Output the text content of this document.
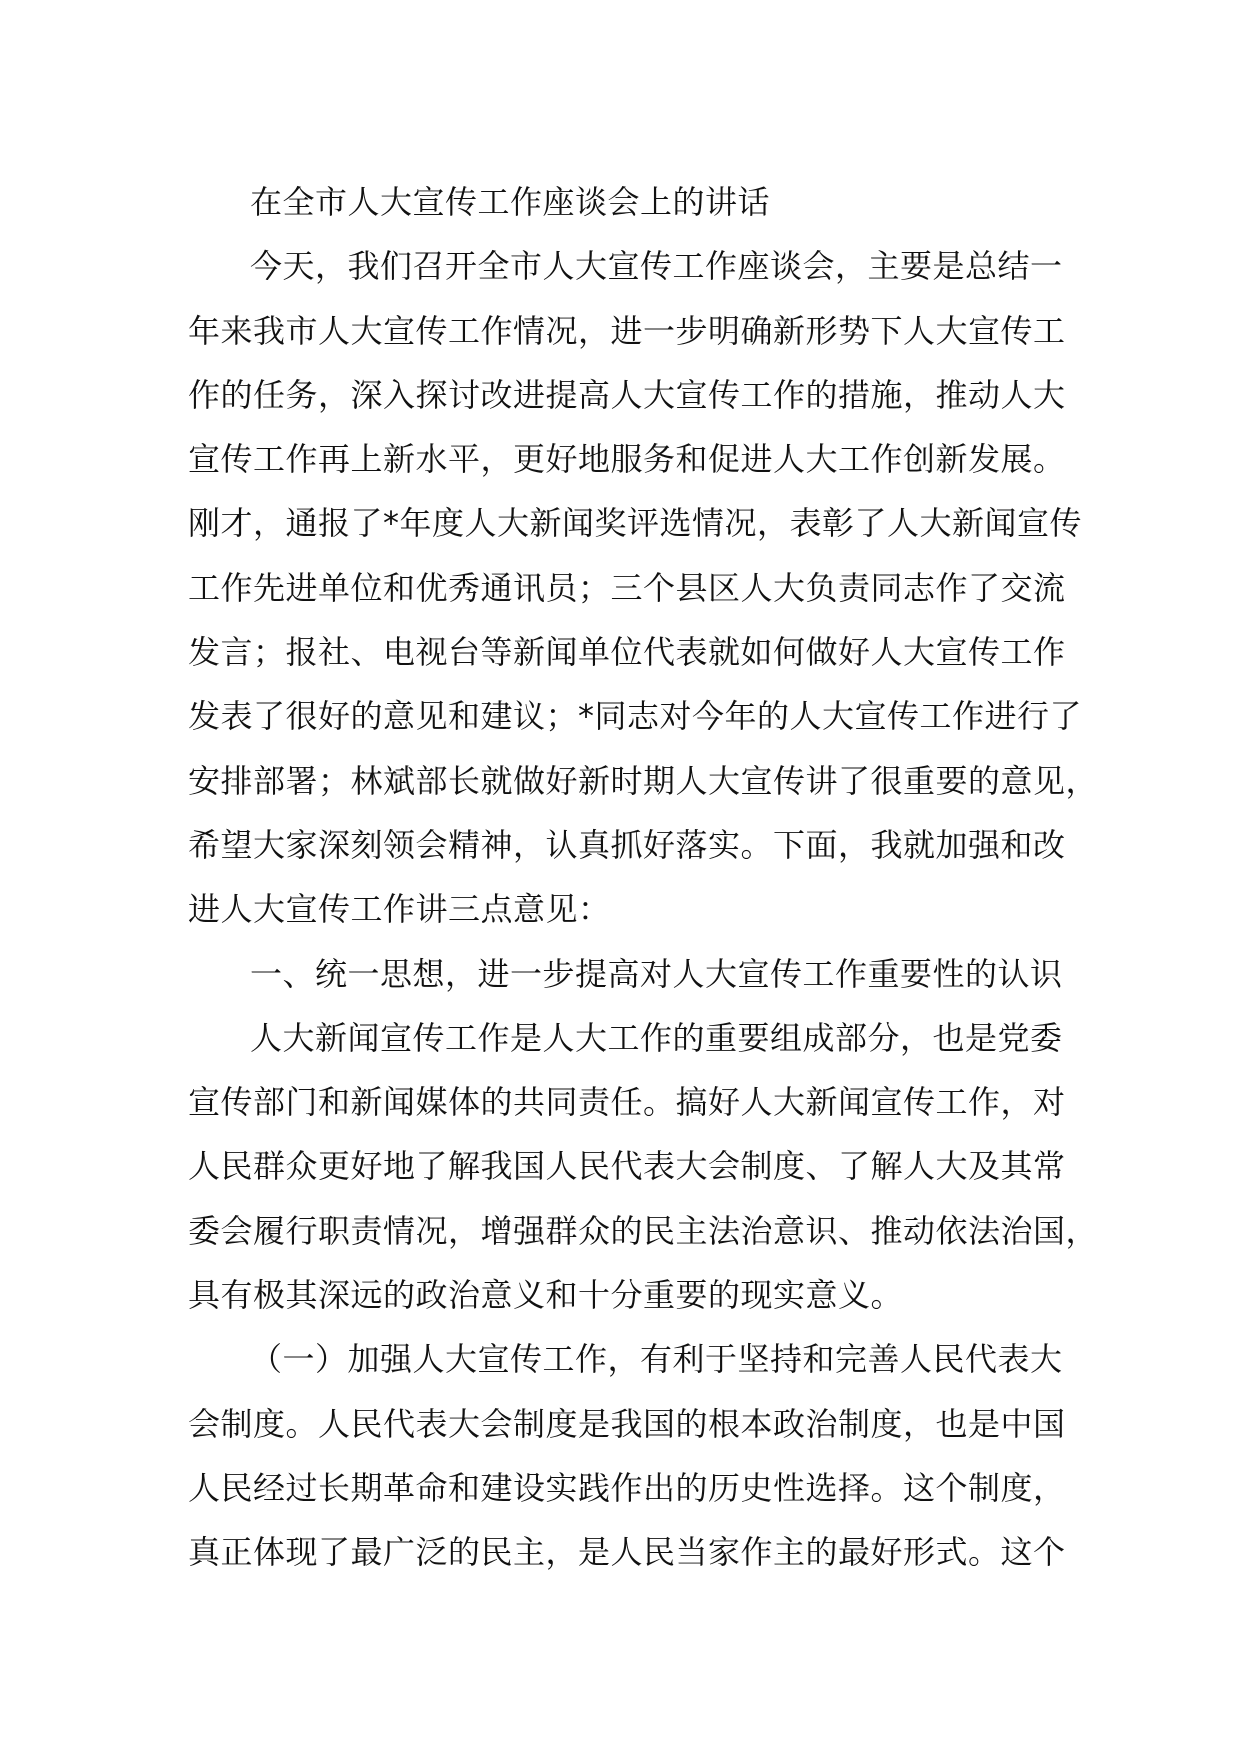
在全市人大宣传工作座谈会上的讲话
今天，我们召开全市人大宣传工作座谈会，主要是总结一
年来我市人大宣传工作情况，进一步明确新形势下人大宣传工
作的任务，深入探讨改进提高人大宣传工作的措施，推动人大
宣传工作再上新水平，更好地服务和促进人大工作创新发展。
刚才，通报了*年度人大新闻奖评选情况，表彰了人大新闻宣传
工作先进单位和优秀通讯员；三个县区人大负责同志作了交流
发言；报社、电视台等新闻单位代表就如何做好人大宣传工作
发表了很好的意见和建议；*同志对今年的人大宣传工作进行了
安排部署；林斌部长就做好新时期人大宣传讲了很重要的意见，
希望大家深刻领会精神，认真抓好落实。下面，我就加强和改
进人大宣传工作讲三点意见：
一、统一思想，进一步提高对人大宣传工作重要性的认识
人大新闻宣传工作是人大工作的重要组成部分，也是党委
宣传部门和新闻媒体的共同责任。搞好人大新闻宣传工作，对
人民群众更好地了解我国人民代表大会制度、了解人大及其常
委会履行职责情况，增强群众的民主法治意识、推动依法治国，
具有极其深远的政治意义和十分重要的现实意义。
（一）加强人大宣传工作，有利于坚持和完善人民代表大
会制度。人民代表大会制度是我国的根本政治制度，也是中国
人民经过长期革命和建设实践作出的历史性选择。这个制度，
真正体现了最广泛的民主，是人民当家作主的最好形式。这个
